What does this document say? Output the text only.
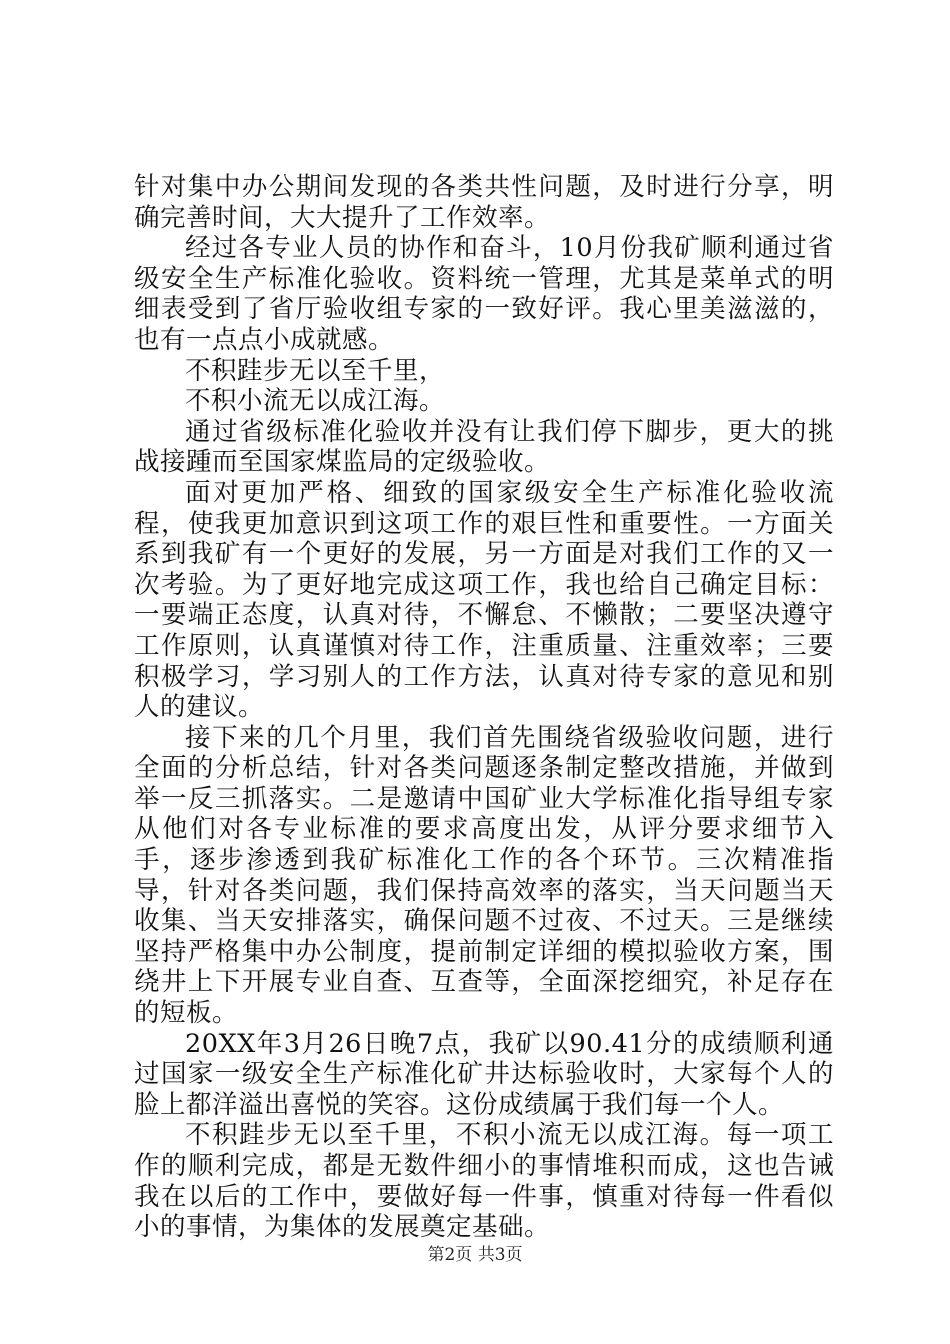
针对集中办公期间发现的各类共性问题，及时进行分享，明确完善时间，大大提升了工作效率。

经过各专业人员的协作和奋斗，10月份我矿顺利通过省级安全生产标准化验收。资料统一管理，尤其是菜单式的明细表受到了省厅验收组专家的一致好评。我心里美滋滋的，也有一点点小成就感。

不积跬步无以至千里，

不积小流无以成江海。

通过省级标准化验收并没有让我们停下脚步，更大的挑战接踵而至国家煤监局的定级验收。

面对更加严格、细致的国家级安全生产标准化验收流程，使我更加意识到这项工作的艰巨性和重要性。一方面关系到我矿有一个更好的发展，另一方面是对我们工作的又一次考验。为了更好地完成这项工作，我也给自己确定目标：一要端正态度，认真对待，不懈怠、不懒散；二要坚决遵守工作原则，认真谨慎对待工作，注重质量、注重效率；三要积极学习，学习别人的工作方法，认真对待专家的意见和别人的建议。

接下来的几个月里，我们首先围绕省级验收问题，进行全面的分析总结，针对各类问题逐条制定整改措施，并做到举一反三抓落实。二是邀请中国矿业大学标准化指导组专家从他们对各专业标准的要求高度出发，从评分要求细节入手，逐步渗透到我矿标准化工作的各个环节。三次精准指导，针对各类问题，我们保持高效率的落实，当天问题当天收集、当天安排落实，确保问题不过夜、不过天。三是继续坚持严格集中办公制度，提前制定详细的模拟验收方案，围绕井上下开展专业自查、互查等，全面深挖细究，补足存在的短板。

20XX年3月26日晚7点，我矿以90.41分的成绩顺利通过国家一级安全生产标准化矿井达标验收时，大家每个人的脸上都洋溢出喜悦的笑容。这份成绩属于我们每一个人。

不积跬步无以至千里，不积小流无以成江海。每一项工作的顺利完成，都是无数件细小的事情堆积而成，这也告诫我在以后的工作中，要做好每一件事，慎重对待每一件看似小的事情，为集体的发展奠定基础。

第2页 共3页
